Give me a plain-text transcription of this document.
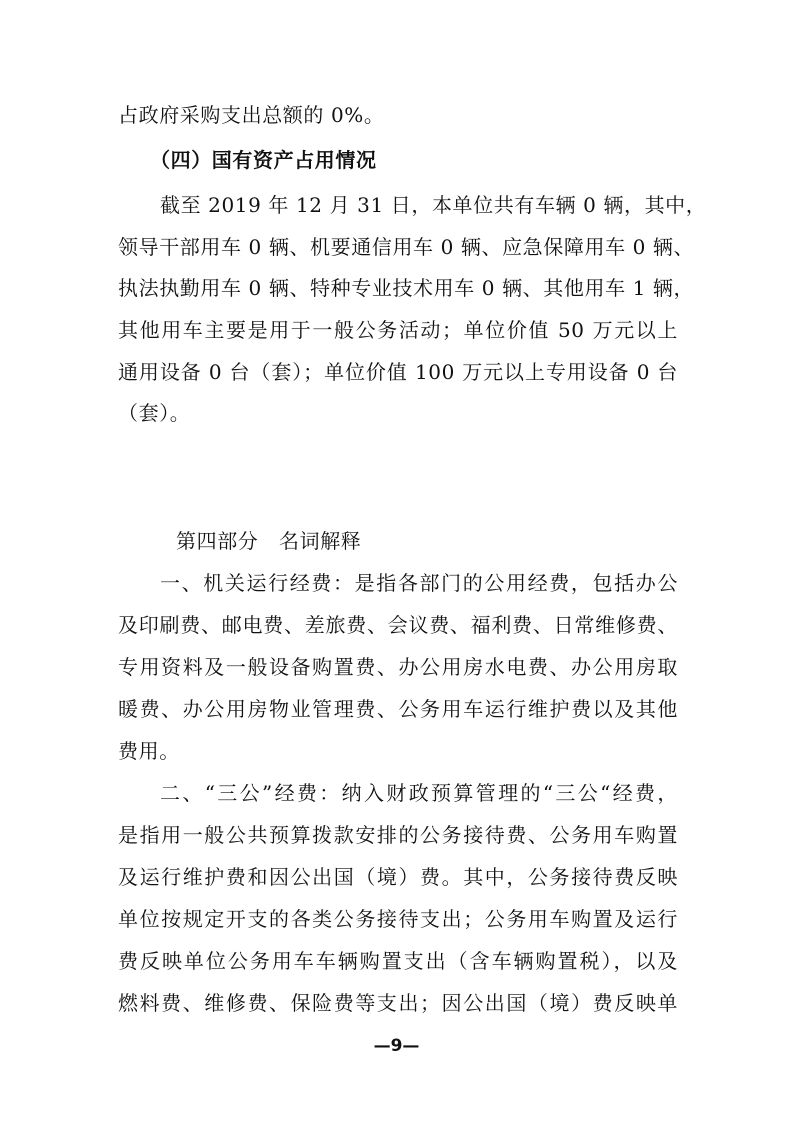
占政府采购支出总额的 0%。
（四）国有资产占用情况
截至 2019 年 12 月 31 日，本单位共有车辆 0 辆，其中，
领导干部用车 0 辆、机要通信用车 0 辆、应急保障用车 0 辆、
执法执勤用车 0 辆、特种专业技术用车 0 辆、其他用车 1 辆，
其他用车主要是用于一般公务活动；单位价值 50 万元以上
通用设备 0 台（套）；单位价值 100 万元以上专用设备 0 台
（套）。
第四部分　名词解释
一、机关运行经费：是指各部门的公用经费，包括办公
及印刷费、邮电费、差旅费、会议费、福利费、日常维修费、
专用资料及一般设备购置费、办公用房水电费、办公用房取
暖费、办公用房物业管理费、公务用车运行维护费以及其他
费用。
二、“三公”经费：纳入财政预算管理的“三公“经费，
是指用一般公共预算拨款安排的公务接待费、公务用车购置
及运行维护费和因公出国（境）费。其中，公务接待费反映
单位按规定开支的各类公务接待支出；公务用车购置及运行
费反映单位公务用车车辆购置支出（含车辆购置税），以及
燃料费、维修费、保险费等支出；因公出国（境）费反映单
—9—
